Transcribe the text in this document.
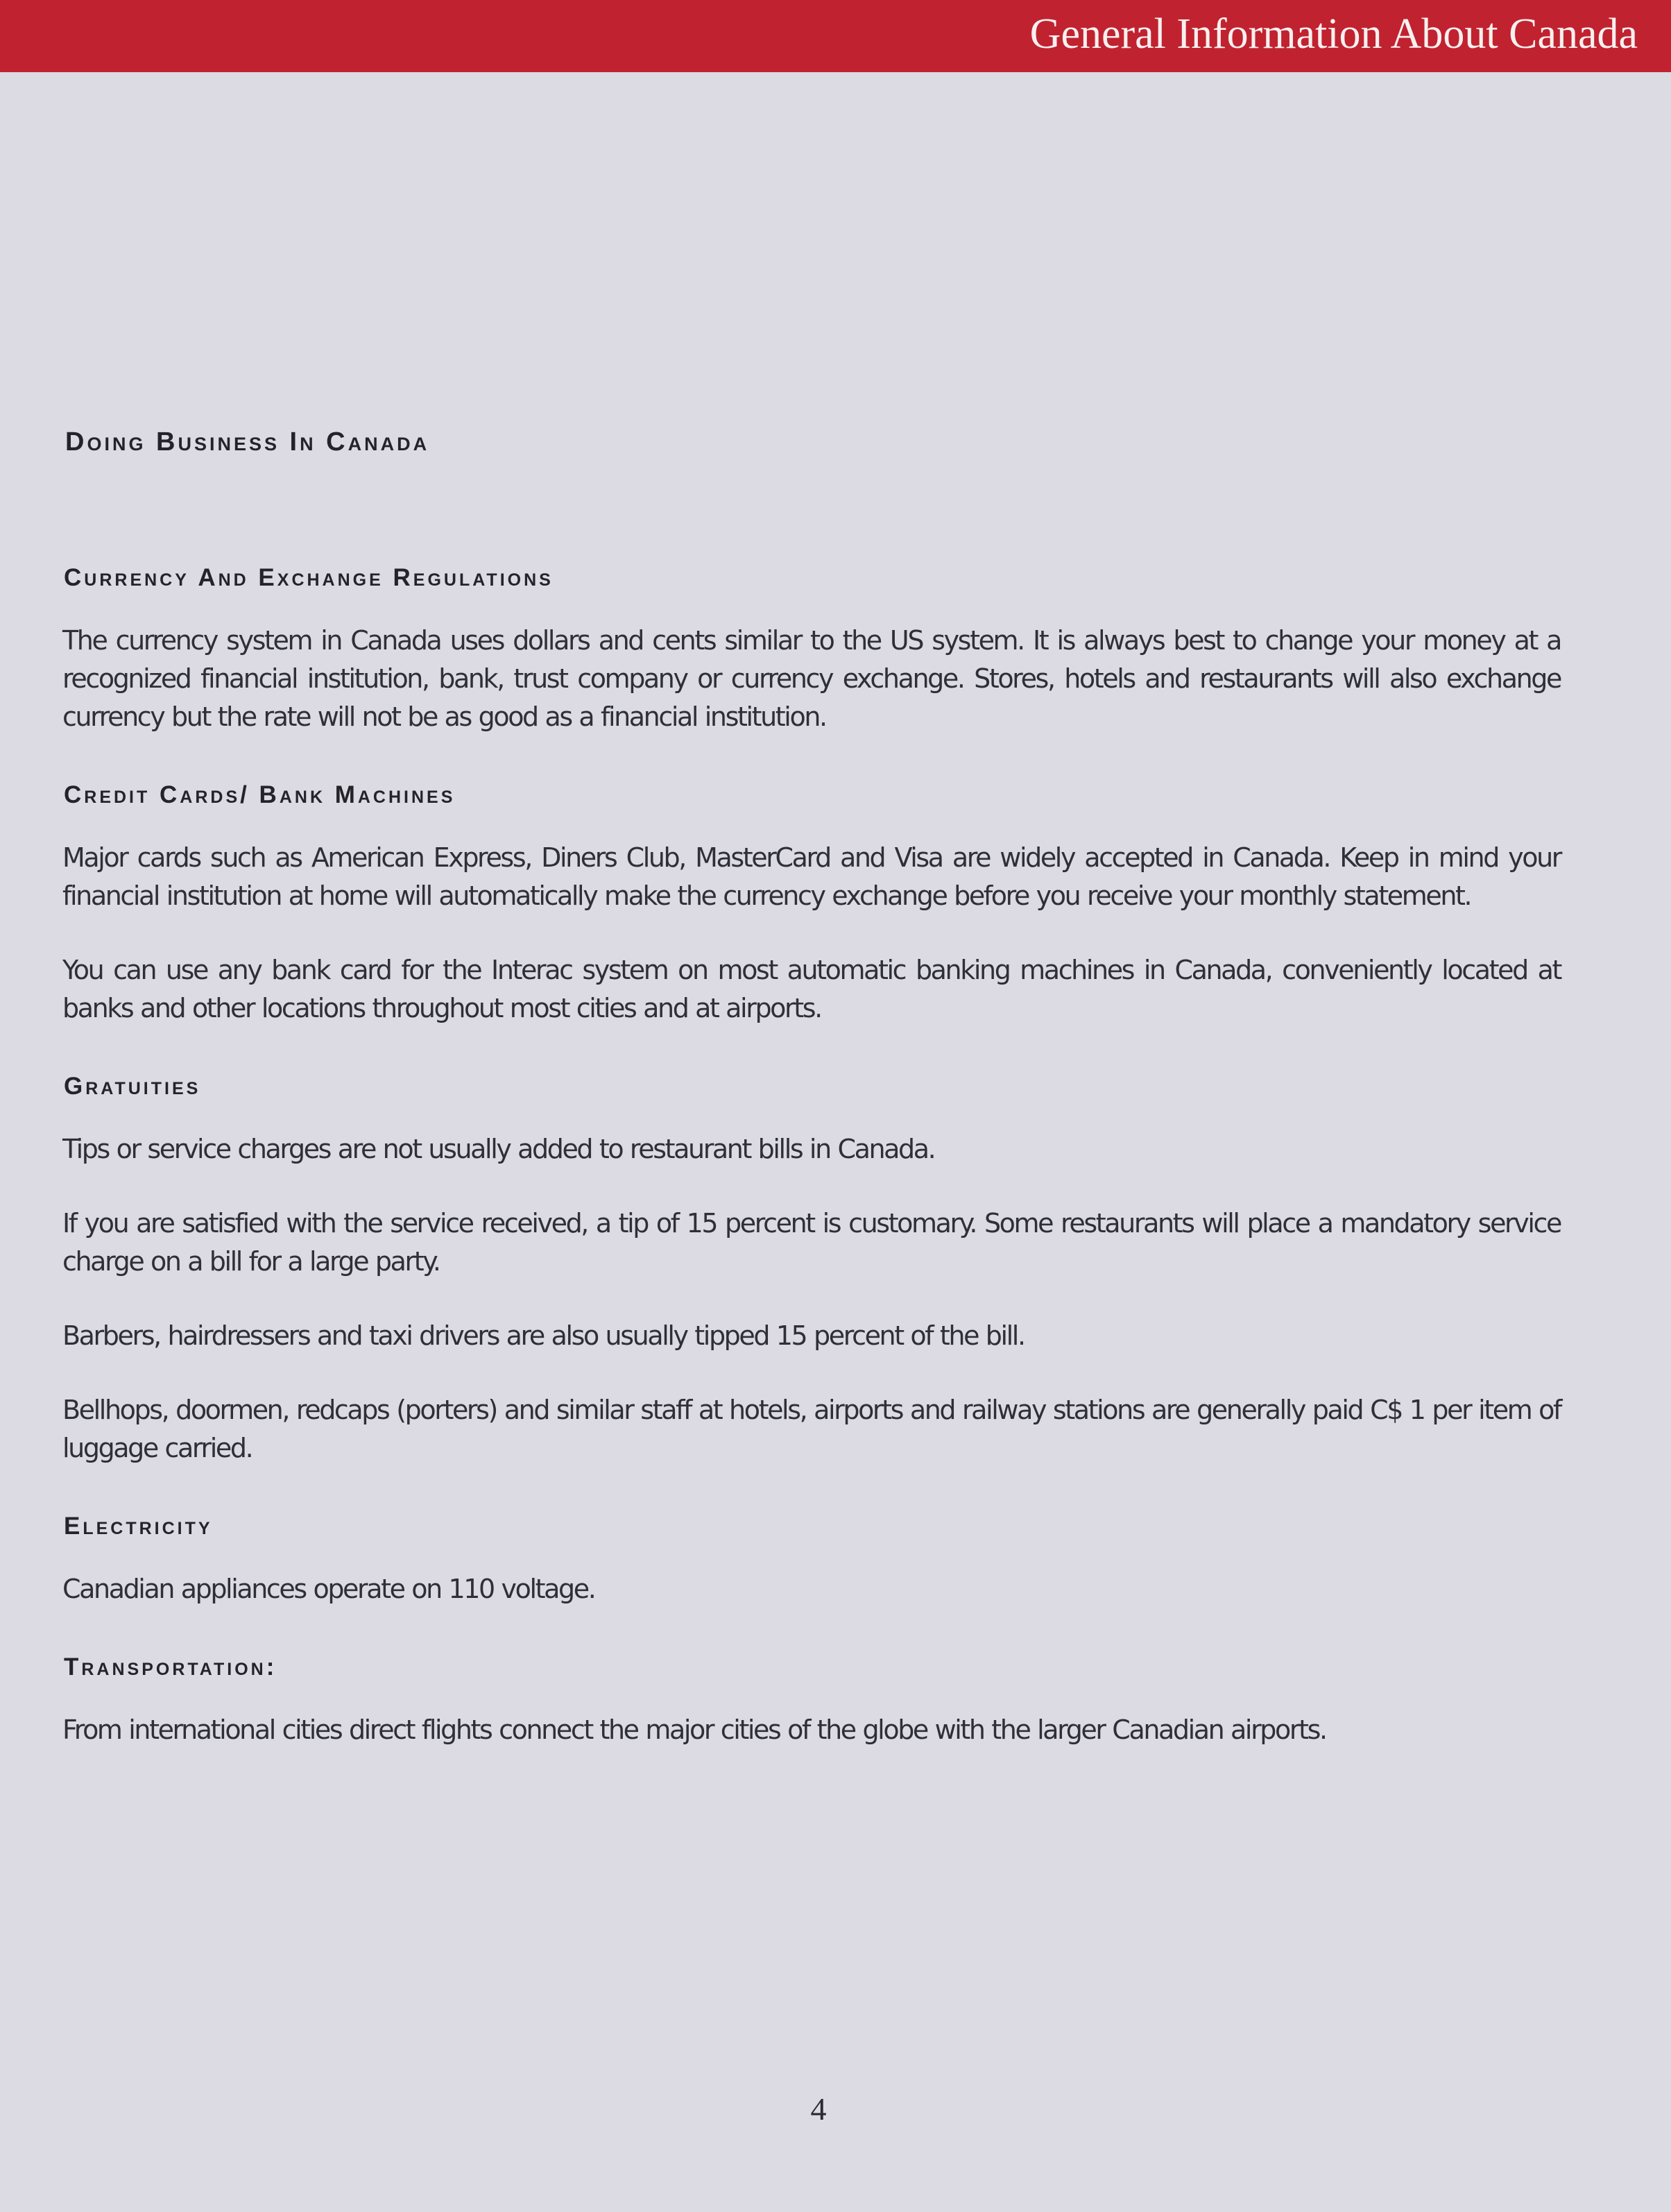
General Information About Canada
Doing Business In Canada
Currency And Exchange Regulations

The currency system in Canada uses dollars and cents similar to the US system. It is always best to change your money at a recognized financial institution, bank, trust company or currency exchange. Stores, hotels and restaurants will also exchange currency but the rate will not be as good as a financial institution.

Credit Cards/ Bank Machines

Major cards such as American Express, Diners Club, MasterCard and Visa are widely accepted in Canada. Keep in mind your financial institution at home will automatically make the currency exchange before you receive your monthly statement.

You can use any bank card for the Interac system on most automatic banking machines in Canada, conveniently located at banks and other locations throughout most cities and at airports.

Gratuities

Tips or service charges are not usually added to restaurant bills in Canada.

If you are satisfied with the service received, a tip of 15 percent is customary. Some restaurants will place a mandatory service charge on a bill for a large party.

Barbers, hairdressers and taxi drivers are also usually tipped 15 percent of the bill.

Bellhops, doormen, redcaps (porters) and similar staff at hotels, airports and railway stations are generally paid C$ 1 per item of luggage carried.

Electricity

Canadian appliances operate on 110 voltage.

Transportation:

From international cities direct flights connect the major cities of the globe with the larger Canadian airports.

4
